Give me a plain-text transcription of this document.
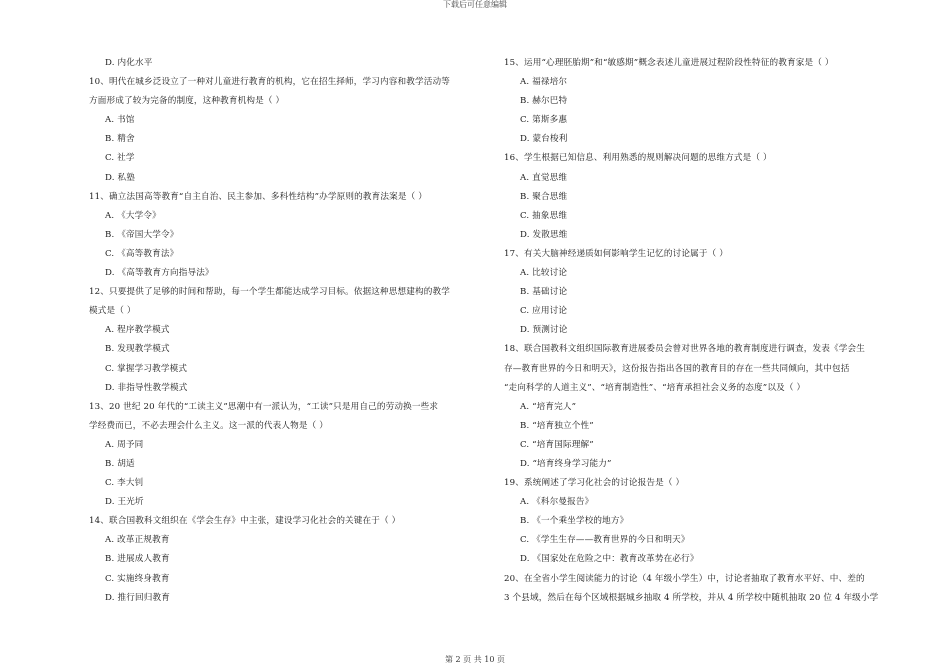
下载后可任意编辑
D. 内化水平
10、明代在城乡泛设立了一种对儿童进行教育的机构，它在招生择师，学习内容和教学活动等
方面形成了较为完备的制度，这种教育机构是（ ）
A. 书馆
B. 精舍
C. 社学
D. 私塾
11、确立法国高等教育“自主自治、民主参加、多科性结构”办学原则的教育法案是（ ）
A. 《大学令》
B. 《帝国大学令》
C. 《高等教育法》
D. 《高等教育方向指导法》
12、只要提供了足够的时间和帮助，每一个学生都能达成学习目标。依据这种思想建构的教学
模式是（ ）
A. 程序教学模式
B. 发现教学模式
C. 掌握学习教学模式
D. 非指导性教学模式
13、20 世纪 20 年代的“工读主义”思潮中有一派认为，“工读”只是用自己的劳动换一些求
学经费而已，不必去理会什么主义。这一派的代表人物是（ ）
A. 周予同
B. 胡适
C. 李大钊
D. 王光圻
14、联合国教科文组织在《学会生存》中主张，建设学习化社会的关键在于（ ）
A. 改革正规教育
B. 进展成人教育
C. 实施终身教育
D. 推行回归教育
15、运用“心理胚胎期”和“敏感期”概念表述儿童进展过程阶段性特征的教育家是（ ）
A. 福禄培尔
B. 赫尔巴特
C. 第斯多惠
D. 蒙台梭利
16、学生根据已知信息、利用熟悉的规则解决问题的思维方式是（ ）
A. 直觉思维
B. 聚合思维
C. 抽象思维
D. 发散思维
17、有关大脑神经递质如何影响学生记忆的讨论属于（ ）
A. 比较讨论
B. 基础讨论
C. 应用讨论
D. 预测讨论
18、联合国教科文组织国际教育进展委员会曾对世界各地的教育制度进行调查，发表《学会生
存—教育世界的今日和明天》，这份报告指出各国的教育目的存在一些共同倾向，其中包括
“走向科学的人道主义”、“培育制造性”、“培育承担社会义务的态度”以及（ ）
A. “培育完人”
B. “培育独立个性”
C. “培育国际理解”
D. “培育终身学习能力”
19、系统阐述了学习化社会的讨论报告是（ ）
A. 《科尔曼报告》
B. 《一个乘坐学校的地方》
C. 《学生生存——教育世界的今日和明天》
D. 《国家处在危险之中：教育改革势在必行》
20、在全省小学生阅读能力的讨论（4 年级小学生）中，讨论者抽取了教育水平好、中、差的
3 个县域，然后在每个区域根据城乡抽取 4 所学校，并从 4 所学校中随机抽取 20 位 4 年级小学
第 2 页 共 10 页
